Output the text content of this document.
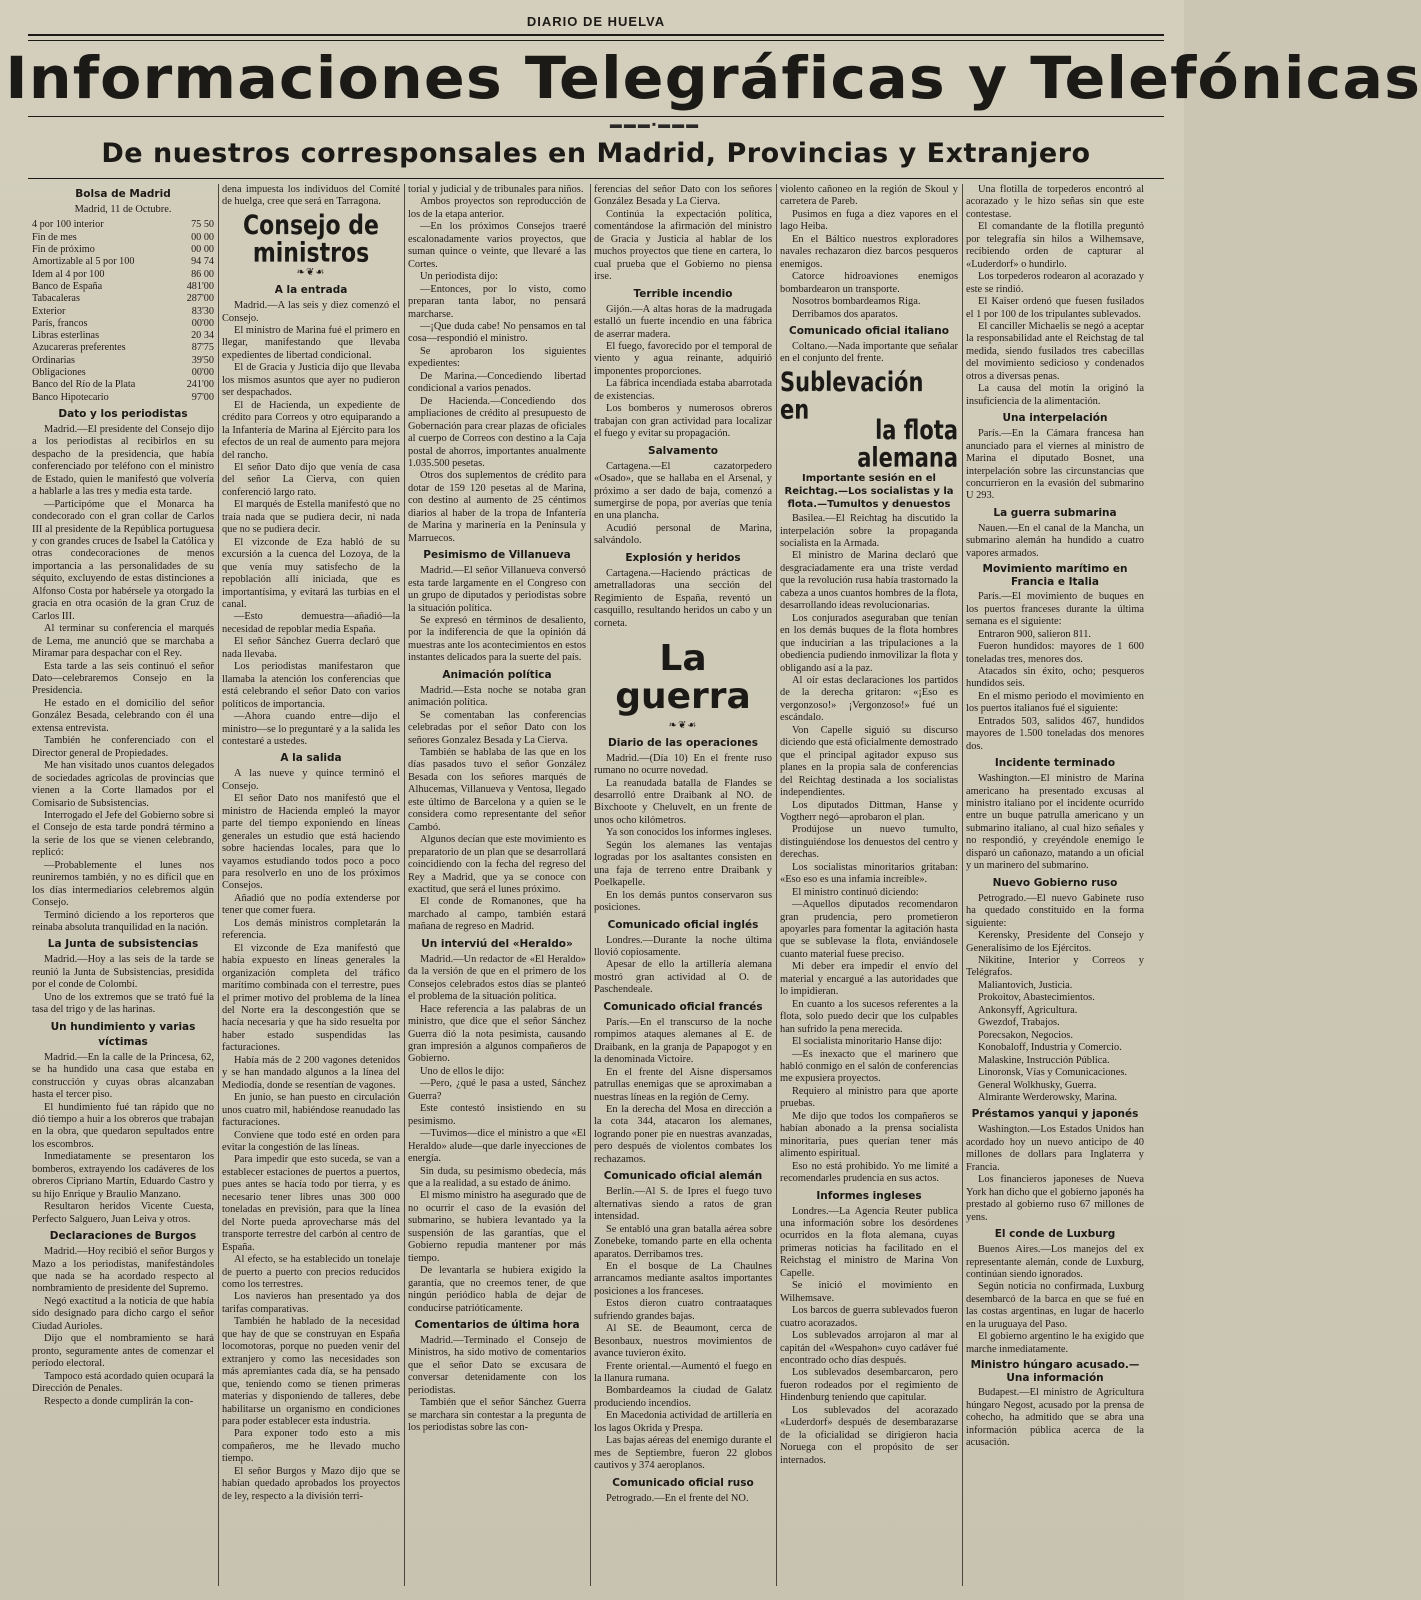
DIARIO DE HUELVA
Informaciones Telegráficas y Telefónicas
▬▬▬▪▬▬▬
De nuestros corresponsales en Madrid, Provincias y Extranjero
Bolsa de Madrid
Madrid, 11 de Octubre.
4 por 100 interior	75 50
Fin de mes	00 00
Fin de próximo	00 00
Amortizable al 5 por 100	94 74
Idem al 4 por 100	86 00
Banco de España	481'00
Tabacaleras	287'00
Exterior	83'30
París, francos	00'00
Libras esterlinas	20 34
Azucareras preferentes	87'75
Ordinarias	39'50
Obligaciones	00'00
Banco del Río de la Plata	241'00
Banco Hipotecario	97'00
Dato y los periodistas

Madrid.—El presidente del Consejo dijo a los periodistas al recibirlos en su despacho de la presidencia, que había conferenciado por teléfono con el ministro de Estado, quien le manifestó que volvería a hablarle a las tres y media esta tarde.

—Participóme que el Monarca ha condecorado con el gran collar de Carlos III al presidente de la República portuguesa y con grandes cruces de Isabel la Católica y otras condecoraciones de menos importancia a las personalidades de su séquito, excluyendo de estas distinciones a Alfonso Costa por habérsele ya otorgado la gracia en otra ocasión de la gran Cruz de Carlos III.

Al terminar su conferencia el marqués de Lema, me anunció que se marchaba a Miramar para despachar con el Rey.

Esta tarde a las seis continuó el señor Dato—celebraremos Consejo en la Presidencia.

He estado en el domicilio del señor González Besada, celebrando con él una extensa entrevista.

También he conferenciado con el Director general de Propiedades.

Me han visitado unos cuantos delegados de sociedades agrícolas de provincias que vienen a la Corte llamados por el Comisario de Subsistencias.

Interrogado el Jefe del Gobierno sobre si el Consejo de esta tarde pondrá término a la serie de los que se vienen celebrando, replicó:

—Probablemente el lunes nos reuniremos también, y no es difícil que en los días intermediarios celebremos algún Consejo.

Terminó diciendo a los reporteros que reinaba absoluta tranquilidad en la nación.

La Junta de subsistencias

Madrid.—Hoy a las seis de la tarde se reunió la Junta de Subsistencias, presidida por el conde de Colombí.

Uno de los extremos que se trató fué la tasa del trigo y de las harinas.

Un hundimiento y varias víctimas

Madrid.—En la calle de la Princesa, 62, se ha hundido una casa que estaba en construcción y cuyas obras alcanzaban hasta el tercer piso.

El hundimiento fué tan rápido que no dió tiempo a huir a los obreros que trabajan en la obra, que quedaron sepultados entre los escombros.

Inmediatamente se presentaron los bomberos, extrayendo los cadáveres de los obreros Cipriano Martín, Eduardo Castro y su hijo Enrique y Braulio Manzano.

Resultaron heridos Vicente Cuesta, Perfecto Salguero, Juan Leiva y otros.

Declaraciones de Burgos

Madrid.—Hoy recibió el señor Burgos y Mazo a los periodistas, manifestándoles que nada se ha acordado respecto al nombramiento de presidente del Supremo.

Negó exactitud a la noticia de que había sido designado para dicho cargo el señor Ciudad Aurioles.

Dijo que el nombramiento se hará pronto, seguramente antes de comenzar el período electoral.

Tampoco está acordado quien ocupará la Dirección de Penales.

Respecto a donde cumplirán la con-

dena impuesta los individuos del Comité de huelga, cree que será en Tarragona.

Consejo de ministros
❧❦☙
A la entrada

Madrid.—A las seis y diez comenzó el Consejo.

El ministro de Marina fué el primero en llegar, manifestando que llevaba expedientes de libertad condicional.

El de Gracia y Justicia dijo que llevaba los mismos asuntos que ayer no pudieron ser despachados.

El de Hacienda, un expediente de crédito para Correos y otro equiparando a la Infantería de Marina al Ejército para los efectos de un real de aumento para mejora del rancho.

El señor Dato dijo que venía de casa del señor La Cierva, con quien conferenció largo rato.

El marqués de Estella manifestó que no traía nada que se pudiera decir, ni nada que no se pudiera decir.

El vizconde de Eza habló de su excursión a la cuenca del Lozoya, de la que venía muy satisfecho de la repoblación allí iniciada, que es importantísima, y evitará las turbias en el canal.

—Esto demuestra—añadió—la necesidad de repoblar media España.

El señor Sánchez Guerra declaró que nada llevaba.

Los periodistas manifestaron que llamaba la atención los conferencias que está celebrando el señor Dato con varios políticos de importancia.

—Ahora cuando entre—dijo el ministro—se lo preguntaré y a la salida les contestaré a ustedes.

A la salida

A las nueve y quince terminó el Consejo.

El señor Dato nos manifestó que el ministro de Hacienda empleó la mayor parte del tiempo exponiendo en líneas generales un estudio que está haciendo sobre haciendas locales, para que lo vayamos estudiando todos poco a poco para resolverlo en uno de los próximos Consejos.

Añadió que no podía extenderse por tener que comer fuera.

Los demás ministros completarán la referencia.

El vizconde de Eza manifestó que había expuesto en líneas generales la organización completa del tráfico marítimo combinada con el terrestre, pues el primer motivo del problema de la línea del Norte era la descongestión que se hacía necesaria y que ha sido resuelta por haber estado suspendidas las facturaciones.

Había más de 2 200 vagones detenidos y se han mandado algunos a la línea del Mediodía, donde se resentían de vagones.

En junio, se han puesto en circulación unos cuatro mil, habiéndose reanudado las facturaciones.

Conviene que todo esté en orden para evitar la congestión de las líneas.

Para impedir que esto suceda, se van a establecer estaciones de puertos a puertos, pues antes se hacía todo por tierra, y es necesario tener libres unas 300 000 toneladas en previsión, para que la línea del Norte pueda aprovecharse más del transporte terrestre del carbón al centro de España.

Al efecto, se ha establecido un tonelaje de puerto a puerto con precios reducidos como los terrestres.

Los navieros han presentado ya dos tarifas comparativas.

También he hablado de la necesidad que hay de que se construyan en España locomotoras, porque no pueden venir del extranjero y como las necesidades son más apremiantes cada día, se ha pensado que, teniendo como se tienen primeras materias y disponiendo de talleres, debe habilitarse un organismo en condiciones para poder establecer esta industria.

Para exponer todo esto a mis compañeros, me he llevado mucho tiempo.

El señor Burgos y Mazo dijo que se habían quedado aprobados los proyectos de ley, respecto a la división terri-

torial y judicial y de tribunales para niños.

Ambos proyectos son reproducción de los de la etapa anterior.

—En los próximos Consejos traeré escalonadamente varios proyectos, que suman quince o veinte, que llevaré a las Cortes.

Un periodista dijo:

—Entonces, por lo visto, como preparan tanta labor, no pensará marcharse.

—¡Que duda cabe! No pensamos en tal cosa—respondió el ministro.

Se aprobaron los siguientes expedientes:

De Marina.—Concediendo libertad condicional a varios penados.

De Hacienda.—Concediendo dos ampliaciones de crédito al presupuesto de Gobernación para crear plazas de oficiales al cuerpo de Correos con destino a la Caja postal de ahorros, importantes anualmente 1.035.500 pesetas.

Otros dos suplementos de crédito para dotar de 159 120 pesetas al de Marina, con destino al aumento de 25 céntimos diarios al haber de la tropa de Infantería de Marina y marinería en la Península y Marruecos.

Pesimismo de Villanueva

Madrid.—El señor Villanueva conversó esta tarde largamente en el Congreso con un grupo de diputados y periodistas sobre la situación política.

Se expresó en términos de desaliento, por la indiferencia de que la opinión dá muestras ante los acontecimientos en estos instantes delicados para la suerte del país.

Animación política

Madrid.—Esta noche se notaba gran animación política.

Se comentaban las conferencias celebradas por el señor Dato con los señores Gonzalez Besada y La Cierva.

También se hablaba de las que en los días pasados tuvo el señor González Besada con los señores marqués de Alhucemas, Villanueva y Ventosa, llegado este último de Barcelona y a quien se le considera como representante del señor Cambó.

Algunos decían que este movimiento es preparatorio de un plan que se desarrollará coincidiendo con la fecha del regreso del Rey a Madrid, que ya se conoce con exactitud, que será el lunes próximo.

El conde de Romanones, que ha marchado al campo, también estará mañana de regreso en Madrid.

Un interviú del «Heraldo»

Madrid.—Un redactor de «El Heraldo» da la versión de que en el primero de los Consejos celebrados estos días se planteó el problema de la situación política.

Hace referencia a las palabras de un ministro, que dice que el señor Sánchez Guerra dió la nota pesimista, causando gran impresión a algunos compañeros de Gobierno.

Uno de ellos le dijo:

—Pero, ¿qué le pasa a usted, Sánchez Guerra?

Este contestó insistiendo en su pesimismo.

—Tuvimos—dice el ministro a que «El Heraldo» alude—que darle inyecciones de energía.

Sin duda, su pesimismo obedecía, más que a la realidad, a su estado de ánimo.

El mismo ministro ha asegurado que de no ocurrir el caso de la evasión del submarino, se hubiera levantado ya la suspensión de las garantías, que el Gobierno repudia mantener por más tiempo.

De levantarla se hubiera exigido la garantía, que no creemos tener, de que ningún periódico habla de dejar de conducirse patrióticamente.

Comentarios de última hora

Madrid.—Terminado el Consejo de Ministros, ha sido motivo de comentarios que el señor Dato se excusara de conversar detenidamente con los periodistas.

También que el señor Sánchez Guerra se marchara sin contestar a la pregunta de los periodistas sobre las con-

ferencias del señor Dato con los señores González Besada y La Cierva.

Continúa la expectación política, comentándose la afirmación del ministro de Gracia y Justicia al hablar de los muchos proyectos que tiene en cartera, lo cual prueba que el Gobierno no piensa irse.

Terrible incendio

Gijón.—A altas horas de la madrugada estalló un fuerte incendio en una fábrica de aserrar madera.

El fuego, favorecido por el temporal de viento y agua reinante, adquirió imponentes proporciones.

La fábrica incendiada estaba abarrotada de existencias.

Los bomberos y numerosos obreros trabajan con gran actividad para localizar el fuego y evitar su propagación.

Salvamento

Cartagena.—El cazatorpedero «Osado», que se hallaba en el Arsenal, y próximo a ser dado de baja, comenzó a sumergirse de popa, por averías que tenía en una plancha.

Acudió personal de Marina, salvándolo.

Explosión y heridos

Cartagena.—Haciendo prácticas de ametralladoras una sección del Regimiento de España, reventó un casquillo, resultando heridos un cabo y un corneta.

La guerra
❧❦☙
Diario de las operaciones

Madrid.—(Día 10) En el frente ruso rumano no ocurre novedad.

La reanudada batalla de Flandes se desarrolló entre Draibank al NO. de Bixchoote y Cheluvelt, en un frente de unos ocho kilómetros.

Ya son conocidos los informes ingleses.

Según los alemanes las ventajas logradas por los asaltantes consisten en una faja de terreno entre Draibank y Poelkapelle.

En los demás puntos conservaron sus posiciones.

Comunicado oficial inglés

Londres.—Durante la noche última llovió copiosamente.

Apesar de ello la artillería alemana mostró gran actividad al O. de Paschendeale.

Comunicado oficial francés

París.—En el transcurso de la noche rompimos ataques alemanes al E. de Draibank, en la granja de Papapogot y en la denominada Victoire.

En el frente del Aisne dispersamos patrullas enemigas que se aproximaban a nuestras líneas en la región de Cerny.

En la derecha del Mosa en dirección a la cota 344, atacaron los alemanes, logrando poner pie en nuestras avanzadas, pero después de violentos combates los rechazamos.

Comunicado oficial alemán

Berlín.—Al S. de Ipres el fuego tuvo alternativas siendo a ratos de gran intensidad.

Se entabló una gran batalla aérea sobre Zonebeke, tomando parte en ella ochenta aparatos. Derribamos tres.

En el bosque de La Chaulnes arrancamos mediante asaltos importantes posiciones a los franceses.

Estos dieron cuatro contraataques sufriendo grandes bajas.

Al SE. de Beaumont, cerca de Besonbaux, nuestros movimientos de avance tuvieron éxito.

Frente oriental.—Aumentó el fuego en la llanura rumana.

Bombardeamos la ciudad de Galatz produciendo incendios.

En Macedonia actividad de artillería en los lagos Okrida y Prespa.

Las bajas aéreas del enemigo durante el mes de Septiembre, fueron 22 globos cautivos y 374 aeroplanos.

Comunicado oficial ruso

Petrogrado.—En el frente del NO.

violento cañoneo en la región de Skoul y carretera de Pareb.

Pusimos en fuga a diez vapores en el lago Heiba.

En el Báltico nuestros exploradores navales rechazaron diez barcos pesqueros enemigos.

Catorce hidroaviones enemigos bombardearon un transporte.

Nosotros bombardeamos Riga.

Derribamos dos aparatos.

Comunicado oficial italiano

Coltano.—Nada importante que señalar en el conjunto del frente.

Sublevación en
la flota alemana
Importante sesión en el Reichtag.—Los socialistas y la flota.—Tumultos y denuestos

Basilea.—El Reichtag ha discutido la interpelación sobre la propaganda socialista en la Armada.

El ministro de Marina declaró que desgraciadamente era una triste verdad que la revolución rusa había trastornado la cabeza a unos cuantos hombres de la flota, desarrollando ideas revolucionarias.

Los conjurados aseguraban que tenían en los demás buques de la flota hombres que inducirían a las tripulaciones a la obediencia pudiendo inmovilizar la flota y obligando así a la paz.

Al oír estas declaraciones los partidos de la derecha gritaron: «¡Eso es vergonzoso!» ¡Vergonzoso!» fué un escándalo.

Von Capelle siguió su discurso diciendo que está oficialmente demostrado que el principal agitador expuso sus planes en la propia sala de conferencias del Reichtag destinada a los socialistas independientes.

Los diputados Dittman, Hanse y Vogtherr negó—aprobaron el plan.

Prodújose un nuevo tumulto, distinguiéndose los denuestos del centro y derechas.

Los socialistas minoritarios gritaban: «Eso eso es una infamia increíble».

El ministro continuó diciendo:

—Aquellos diputados recomendaron gran prudencia, pero prometieron apoyarles para fomentar la agitación hasta que se sublevase la flota, enviándosele cuanto material fuese preciso.

Mi deber era impedir el envío del material y encargué a las autoridades que lo impidieran.

En cuanto a los sucesos referentes a la flota, solo puedo decir que los culpables han sufrido la pena merecida.

El socialista minoritario Hanse dijo:

—Es inexacto que el marinero que habló conmigo en el salón de conferencias me expusiera proyectos.

Requiero al ministro para que aporte pruebas.

Me dijo que todos los compañeros se habían abonado a la prensa socialista minoritaria, pues querían tener más alimento espiritual.

Eso no está prohibido. Yo me limité a recomendarles prudencia en sus actos.

Informes ingleses

Londres.—La Agencia Reuter publica una información sobre los desórdenes ocurridos en la flota alemana, cuyas primeras noticias ha facilitado en el Reichstag el ministro de Marina Von Capelle.

Se inició el movimiento en Wilhemsave.

Los barcos de guerra sublevados fueron cuatro acorazados.

Los sublevados arrojaron al mar al capitán del «Wespahon» cuyo cadáver fué encontrado ocho días después.

Los sublevados desembarcaron, pero fueron rodeados por el regimiento de Hindenburg teniendo que capitular.

Los sublevados del acorazado «Luderdorf» después de desembarazarse de la oficialidad se dirigieron hacia Noruega con el propósito de ser internados.

Una flotilla de torpederos encontró al acorazado y le hizo señas sin que este contestase.

El comandante de la flotilla preguntó por telegrafía sin hilos a Wilhemsave, recibiendo orden de capturar al «Luderdorf» o hundirlo.

Los torpederos rodearon al acorazado y este se rindió.

El Kaiser ordenó que fuesen fusilados el 1 por 100 de los tripulantes sublevados.

El canciller Michaelis se negó a aceptar la responsabilidad ante el Reichstag de tal medida, siendo fusilados tres cabecillas del movimiento sedicioso y condenados otros a diversas penas.

La causa del motín la originó la insuficiencia de la alimentación.

Una interpelación

París.—En la Cámara francesa han anunciado para el viernes al ministro de Marina el diputado Bosnet, una interpelación sobre las circunstancias que concurrieron en la evasión del submarino U 293.

La guerra submarina

Nauen.—En el canal de la Mancha, un submarino alemán ha hundido a cuatro vapores armados.

Movimiento marítimo en Francia e Italia

París.—El movimiento de buques en los puertos franceses durante la última semana es el siguiente:

Entraron 900, salieron 811.

Fueron hundidos: mayores de 1 600 toneladas tres, menores dos.

Atacados sin éxito, ocho; pesqueros hundidos seis.

En el mismo periodo el movimiento en los puertos italianos fué el siguiente:

Entrados 503, salidos 467, hundidos mayores de 1.500 toneladas dos menores dos.

Incidente terminado

Washington.—El ministro de Marina americano ha presentado excusas al ministro italiano por el incidente ocurrido entre un buque patrulla americano y un submarino italiano, al cual hizo señales y no respondió, y creyéndole enemigo le disparó un cañonazo, matando a un oficial y un marinero del submarino.

Nuevo Gobierno ruso

Petrogrado.—El nuevo Gabinete ruso ha quedado constituido en la forma siguiente:

Kerensky, Presidente del Consejo y Generalísimo de los Ejércitos.

Nikitine, Interior y Correos y Telégrafos.

Maliantovich, Justicia.

Prokoitov, Abastecimientos.

Ankonsyff, Agricultura.

Gwezdof, Trabajos.

Porecsakon, Negocios.

Konobaloff, Industria y Comercio.

Malaskine, Instrucción Pública.

Linoronsk, Vías y Comunicaciones.

General Wolkhusky, Guerra.

Almirante Werderowsky, Marina.

Préstamos yanqui y japonés

Washington.—Los Estados Unidos han acordado hoy un nuevo anticipo de 40 millones de dollars para Inglaterra y Francia.

Los financieros japoneses de Nueva York han dicho que el gobierno japonés ha prestado al gobierno ruso 67 millones de yens.

El conde de Luxburg

Buenos Aires.—Los manejos del ex representante alemán, conde de Luxburg, continúan siendo ignorados.

Según noticia no confirmada, Luxburg desembarcó de la barca en que se fué en las costas argentinas, en lugar de hacerlo en la uruguaya del Paso.

El gobierno argentino le ha exigido que marche inmediatamente.

Ministro húngaro acusado.—Una información

Budapest.—El ministro de Agricultura húngaro Negost, acusado por la prensa de cohecho, ha admitido que se abra una información pública acerca de la acusación.
